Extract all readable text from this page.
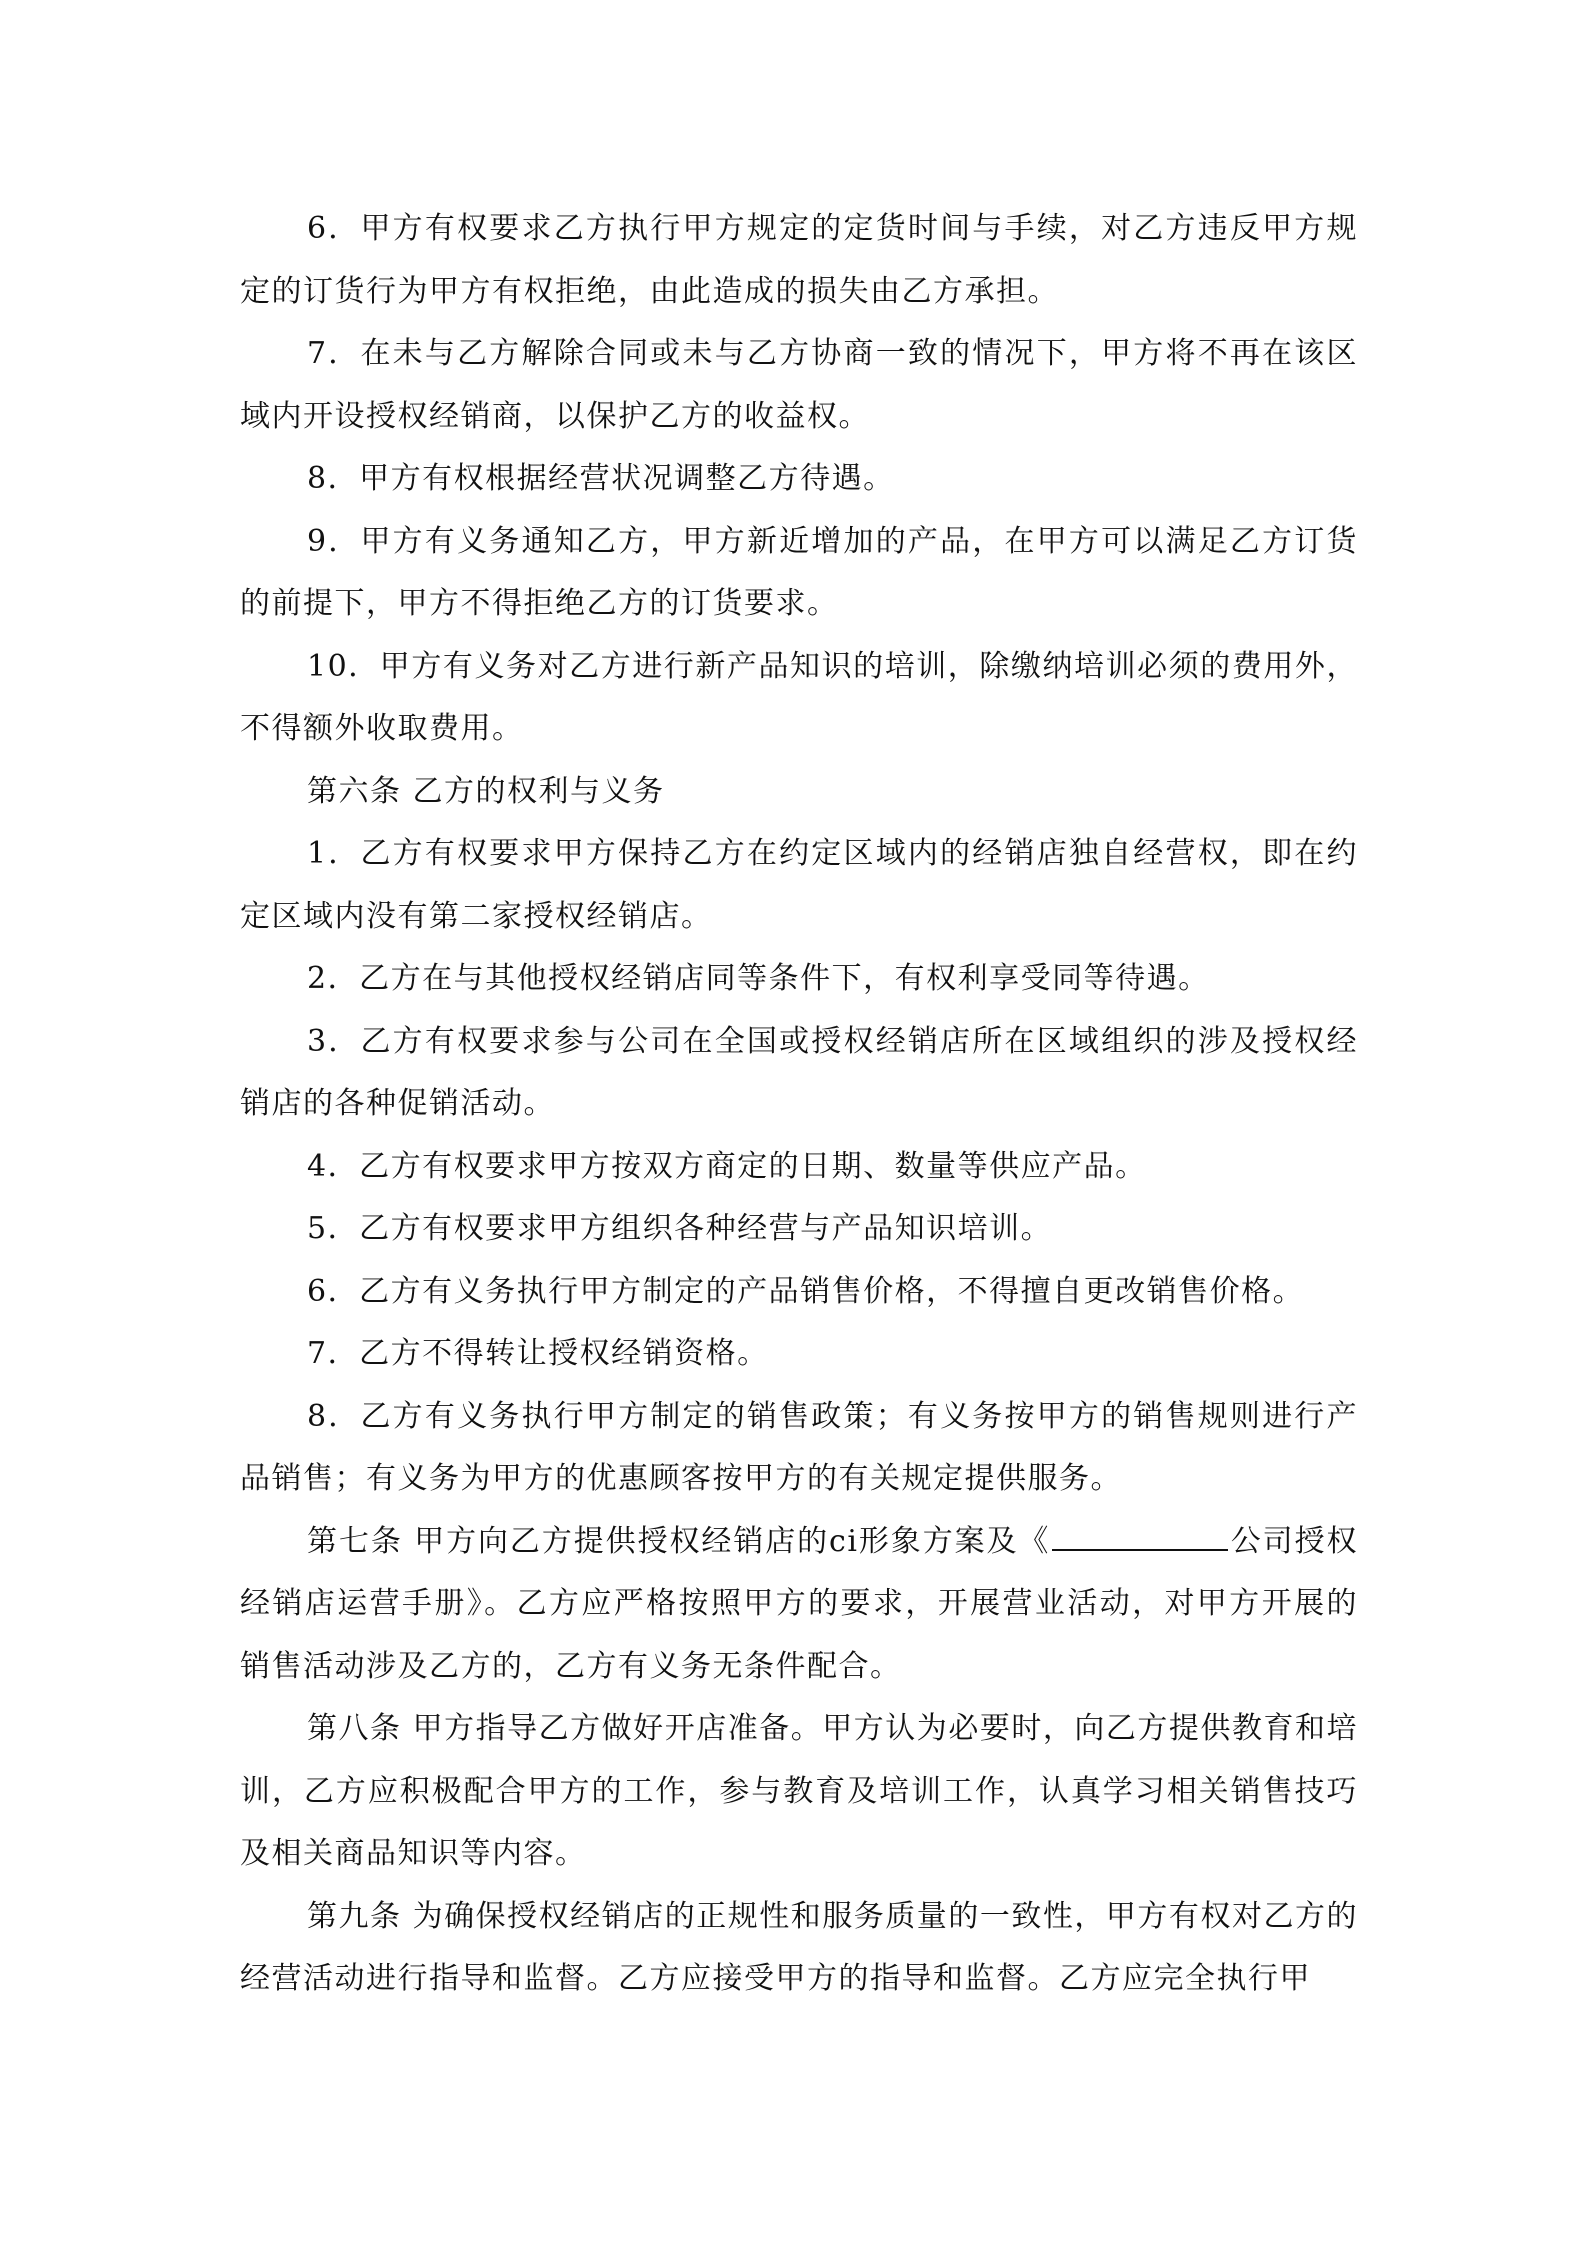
6．甲方有权要求乙方执行甲方规定的定货时间与手续，对乙方违反甲方规定的订货行为甲方有权拒绝，由此造成的损失由乙方承担。

7．在未与乙方解除合同或未与乙方协商一致的情况下，甲方将不再在该区域内开设授权经销商，以保护乙方的收益权。

8．甲方有权根据经营状况调整乙方待遇。

9．甲方有义务通知乙方，甲方新近增加的产品，在甲方可以满足乙方订货的前提下，甲方不得拒绝乙方的订货要求。

10．甲方有义务对乙方进行新产品知识的培训，除缴纳培训必须的费用外，不得额外收取费用。

第六条 乙方的权利与义务

1．乙方有权要求甲方保持乙方在约定区域内的经销店独自经营权，即在约定区域内没有第二家授权经销店。

2．乙方在与其他授权经销店同等条件下，有权利享受同等待遇。

3．乙方有权要求参与公司在全国或授权经销店所在区域组织的涉及授权经销店的各种促销活动。

4．乙方有权要求甲方按双方商定的日期、数量等供应产品。

5．乙方有权要求甲方组织各种经营与产品知识培训。

6．乙方有义务执行甲方制定的产品销售价格，不得擅自更改销售价格。

7．乙方不得转让授权经销资格。

8．乙方有义务执行甲方制定的销售政策；有义务按甲方的销售规则进行产品销售；有义务为甲方的优惠顾客按甲方的有关规定提供服务。

第七条 甲方向乙方提供授权经销店的ci形象方案及《	公司授权经销店运营手册》。乙方应严格按照甲方的要求，开展营业活动，对甲方开展的销售活动涉及乙方的，乙方有义务无条件配合。

第八条 甲方指导乙方做好开店准备。甲方认为必要时，向乙方提供教育和培训，乙方应积极配合甲方的工作，参与教育及培训工作，认真学习相关销售技巧及相关商品知识等内容。

第九条 为确保授权经销店的正规性和服务质量的一致性，甲方有权对乙方的经营活动进行指导和监督。乙方应接受甲方的指导和监督。乙方应完全执行甲
